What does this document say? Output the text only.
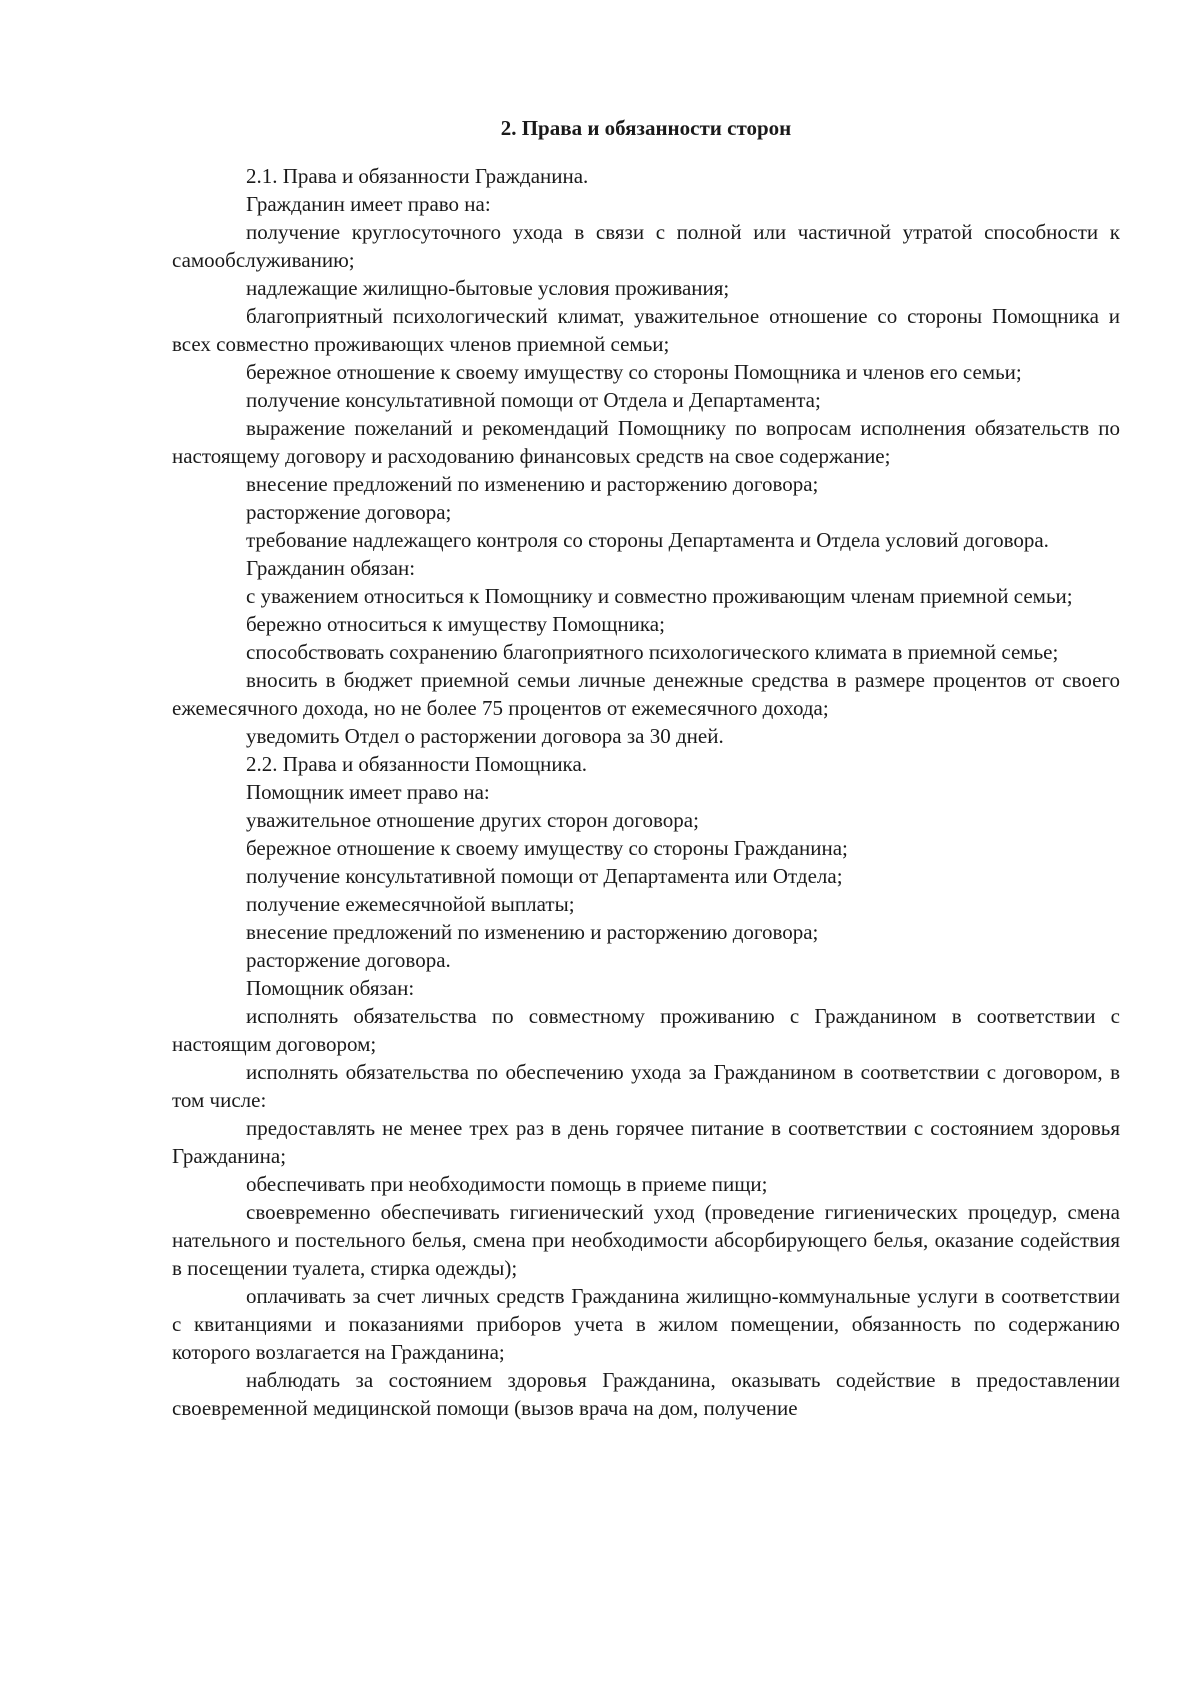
2. Права и обязанности сторон

2.1. Права и обязанности Гражданина.

Гражданин имеет право на:

получение круглосуточного ухода в связи с полной или частичной утратой способности к самообслуживанию;

надлежащие жилищно-бытовые условия проживания;

благоприятный психологический климат, уважительное отношение со стороны Помощника и всех совместно проживающих членов приемной семьи;

бережное отношение к своему имуществу со стороны Помощника и членов его семьи;

получение консультативной помощи от Отдела и Департамента;

выражение пожеланий и рекомендаций Помощнику по вопросам исполнения обязательств по настоящему договору и расходованию финансовых средств на свое содержание;

внесение предложений по изменению и расторжению договора;

расторжение договора;

требование надлежащего контроля со стороны Департамента и Отдела условий договора.

Гражданин обязан:

с уважением относиться к Помощнику и совместно проживающим членам приемной семьи;

бережно относиться к имуществу Помощника;

способствовать сохранению благоприятного психологического климата в приемной семье;

вносить в бюджет приемной семьи личные денежные средства в размере процентов от своего ежемесячного дохода, но не более 75 процентов от ежемесячного дохода;

уведомить Отдел о расторжении договора за 30 дней.

2.2. Права и обязанности Помощника.

Помощник имеет право на:

уважительное отношение других сторон договора;

бережное отношение к своему имуществу со стороны Гражданина;

получение консультативной помощи от Департамента или Отдела;

получение ежемесячнойой выплаты;

внесение предложений по изменению и расторжению договора;

расторжение договора.

Помощник обязан:

исполнять обязательства по совместному проживанию с Гражданином в соответствии с настоящим договором;

исполнять обязательства по обеспечению ухода за Гражданином в соответствии с договором, в том числе:

предоставлять не менее трех раз в день горячее питание в соответствии с состоянием здоровья Гражданина;

обеспечивать при необходимости помощь в приеме пищи;

своевременно обеспечивать гигиенический уход (проведение гигиенических процедур, смена нательного и постельного белья, смена при необходимости абсорбирующего белья, оказание содействия в посещении туалета, стирка одежды);

оплачивать за счет личных средств Гражданина жилищно-коммунальные услуги в соответствии с квитанциями и показаниями приборов учета в жилом помещении, обязанность по содержанию которого возлагается на Гражданина;

наблюдать за состоянием здоровья Гражданина, оказывать содействие в предоставлении своевременной медицинской помощи (вызов врача на дом, получение
